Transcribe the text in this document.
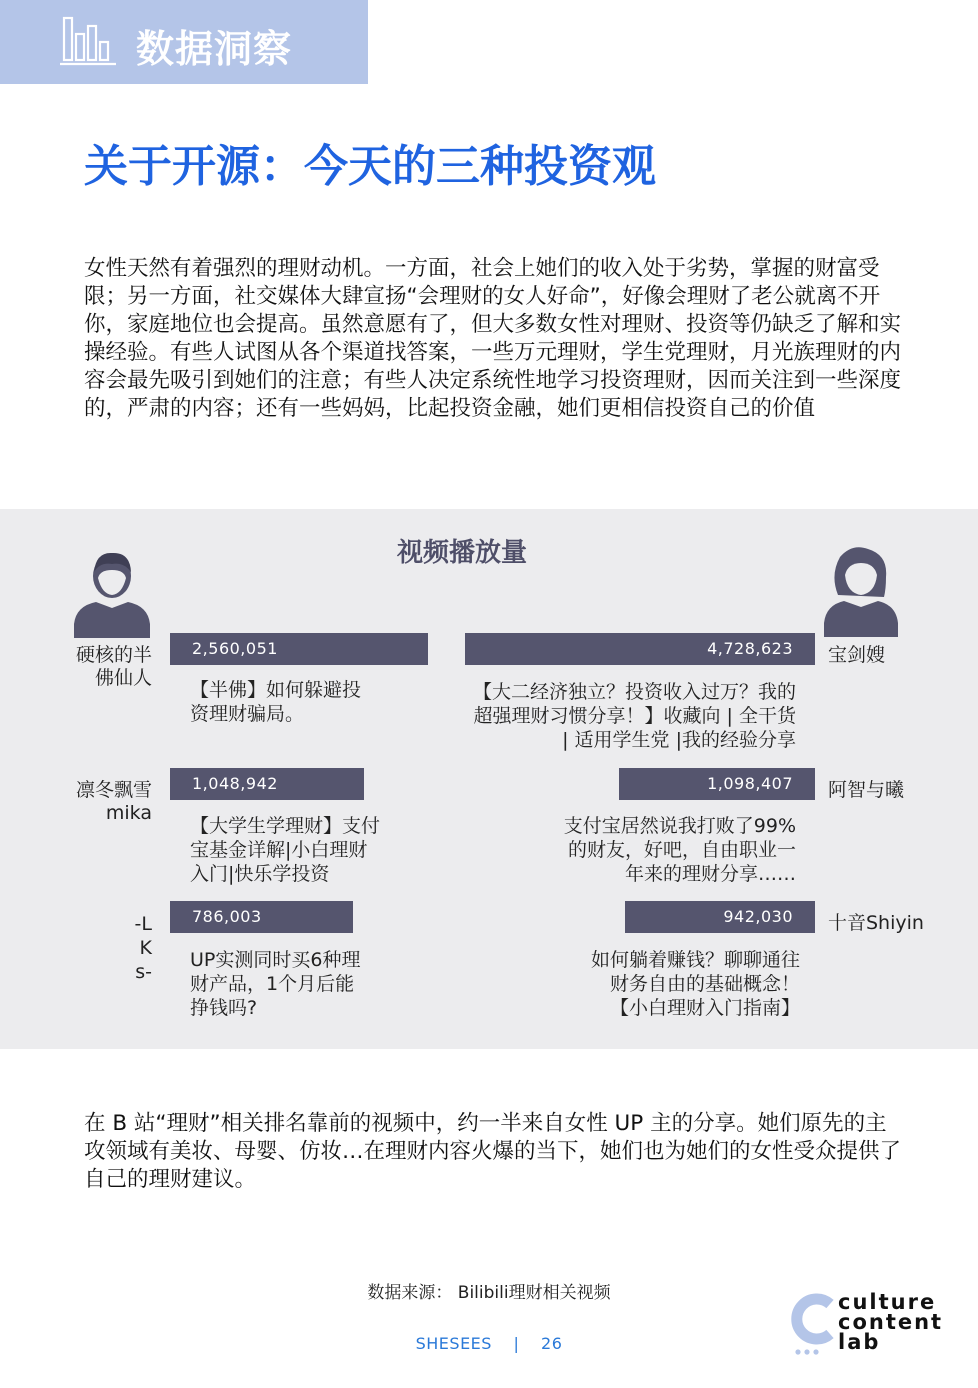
数据洞察
关于开源：今天的三种投资观
女性天然有着强烈的理财动机。一方面，社会上她们的收入处于劣势，掌握的财富受限；另一方面，社交媒体大肆宣扬“会理财的女人好命”，好像会理财了老公就离不开你，家庭地位也会提高。虽然意愿有了，但大多数女性对理财、投资等仍缺乏了解和实操经验。有些人试图从各个渠道找答案，一些万元理财，学生党理财，月光族理财的内容会最先吸引到她们的注意；有些人决定系统性地学习投资理财，因而关注到一些深度的，严肃的内容；还有一些妈妈，比起投资金融，她们更相信投资自己的价值
视频播放量
硬核的半佛仙人
2,560,051
【半佛】如何躲避投资理财骗局。
凛冬飘雪mika
1,048,942
【大学生学理财】支付宝基金详解|小白理财入门|快乐学投资
-LKs-
786,003
UP实测同时买6种理财产品，1个月后能挣钱吗?
宝剑嫂
4,728,623
【大二经济独立？投资收入过万？我的超强理财习惯分享！】收藏向 | 全干货 | 适用学生党 |我的经验分享
阿智与曦
1,098,407
支付宝居然说我打败了99%的财友，好吧，自由职业一年来的理财分享……
十音Shiyin
942,030
如何躺着赚钱？聊聊通往财务自由的基础概念！【小白理财入门指南】
在 B 站“理财”相关排名靠前的视频中，约一半来自女性 UP 主的分享。她们原先的主攻领域有美妆、母婴、仿妆…在理财内容火爆的当下，她们也为她们的女性受众提供了自己的理财建议。
数据来源： Bilibili理财相关视频
SHESEES | 26
culture
content
lab
